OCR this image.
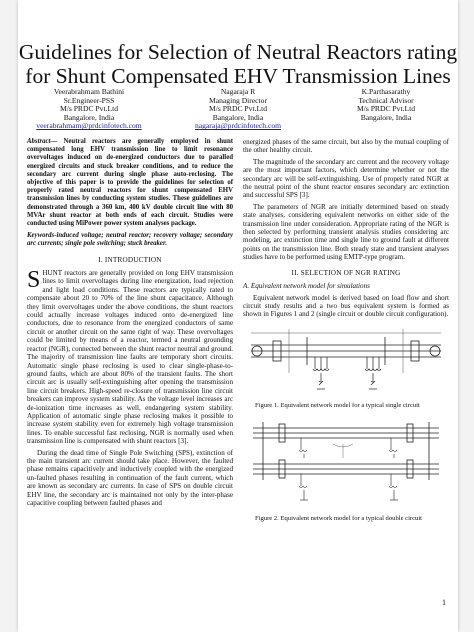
Guidelines for Selection of Neutral Reactors rating
for Shunt Compensated EHV Transmission Lines
Veerabrahmam Bathini
Sr.Engineer-PSS
M/s PRDC Pvt.Ltd
Bangalore, India
veerabrahmam@prdcinfotech.com
Nagaraja R
Managing Director
M/s PRDC Pvt.Ltd
Bangalore, India
nagaraja@prdcinfotech.com
K.Parthasarathy
Technical Advisor
M/s PRDC Pvt.Ltd
Bangalore, India

Abstract— Neutral reactors are generally employed in shunt compensated long EHV transmission line to limit resonance overvoltages induced on de-energized conductors due to paralled energized circuits and stuck breaker conditions, and to reduce the secondary arc current during single phase auto-reclosing. The objective of this paper is to provide the guidelines for selection of properly rated neutral reactors for shunt compensated EHV transmission lines by conducting system studies. These guidelines are demonstrated through a 360 km, 400 kV double circuit line with 80 MVAr shunt reactor at both ends of each circuit. Studies were conducted using MiPower power system analyses package.

Keywords-induced voltage; neutral reactor; recovery voltage; secondary arc currents; single pole switching; stuck breaker.

I. INTRODUCTION

SHUNT reactors are generally provided on long EHV transmission lines to limit overvoltages during line energization, load rejection and light load conditions. These reactors are typically rated to compensate about 20 to 70% of the line shunt capacitance. Although they limit overvoltages under the above conditions, the shunt reactors could actually increase voltages induced onto de-energized line conductors, due to resonance from the energized conductors of same circuit or another circuit on the same right of way. These overvoltages could be limited by means of a reactor, termed a neutral grounding reactor (NGR), connected between the shunt reactor neutral and ground. The majority of transmission line faults are temporary short circuits. Automatic single phase reclosing is used to clear single-phase-to-ground faults, which are about 80% of the transient faults. The short circuit arc is usually self-extinguishing after opening the transmission line circuit breakers. High-speed re-closure of transmission line circuit breakers can improve system stability. As the voltage level increases arc de-ionization time increases as well, endangering system stability. Application of automatic single phase reclosing makes it possible to increase system stability even for extremely high voltage transmission lines. To enable successful fast reclosing, NGR is normally used when transmission line is compensated with shunt reactors [3].

During the dead time of Single Pole Switching (SPS), extinction of the main transient arc current should take place. However, the faulted phase remains capacitively and inductively coupled with the energized un-faulted phases resulting in continuation of the fault current, which are known as secondary arc currents. In case of SPS on double circuit EHV line, the secondary arc is maintained not only by the inter-phase capacitive coupling between faulted phases and

energized phases of the same circuit, but also by the mutual coupling of the other healthy circuit.

The magnitude of the secondary arc current and the recovery voltage are the most important factors, which determine whether or not the secondary arc will be self-extinguishing. Use of properly rated NGR at the neutral point of the shunt reactor ensures secondary arc extinction and successful SPS [3].

The parameters of NGR are initially determined based on steady state analyses, considering equivalent networks on either side of the transmission line under consideration. Appropriate rating of the NGR is then selected by performing transient analysis studies considering arc modeling, arc extinction time and single line to ground fault at different points on the transmission line. Both steady state and transient analyses studies have to be performed using EMTP-type program.

II. SELECTION OF NGR RATING
A. Equivalent network model for simulations

Equivalent network model is derived based on load flow and short circuit study results and a two bus equivalent system is formed as shown in Figures 1 and 2 (single circuit or double circuit configuration).

Figure 1. Equivalent network model for a typical single circuit
Figure 2. Equivalent network model for a typical double circuit
1
